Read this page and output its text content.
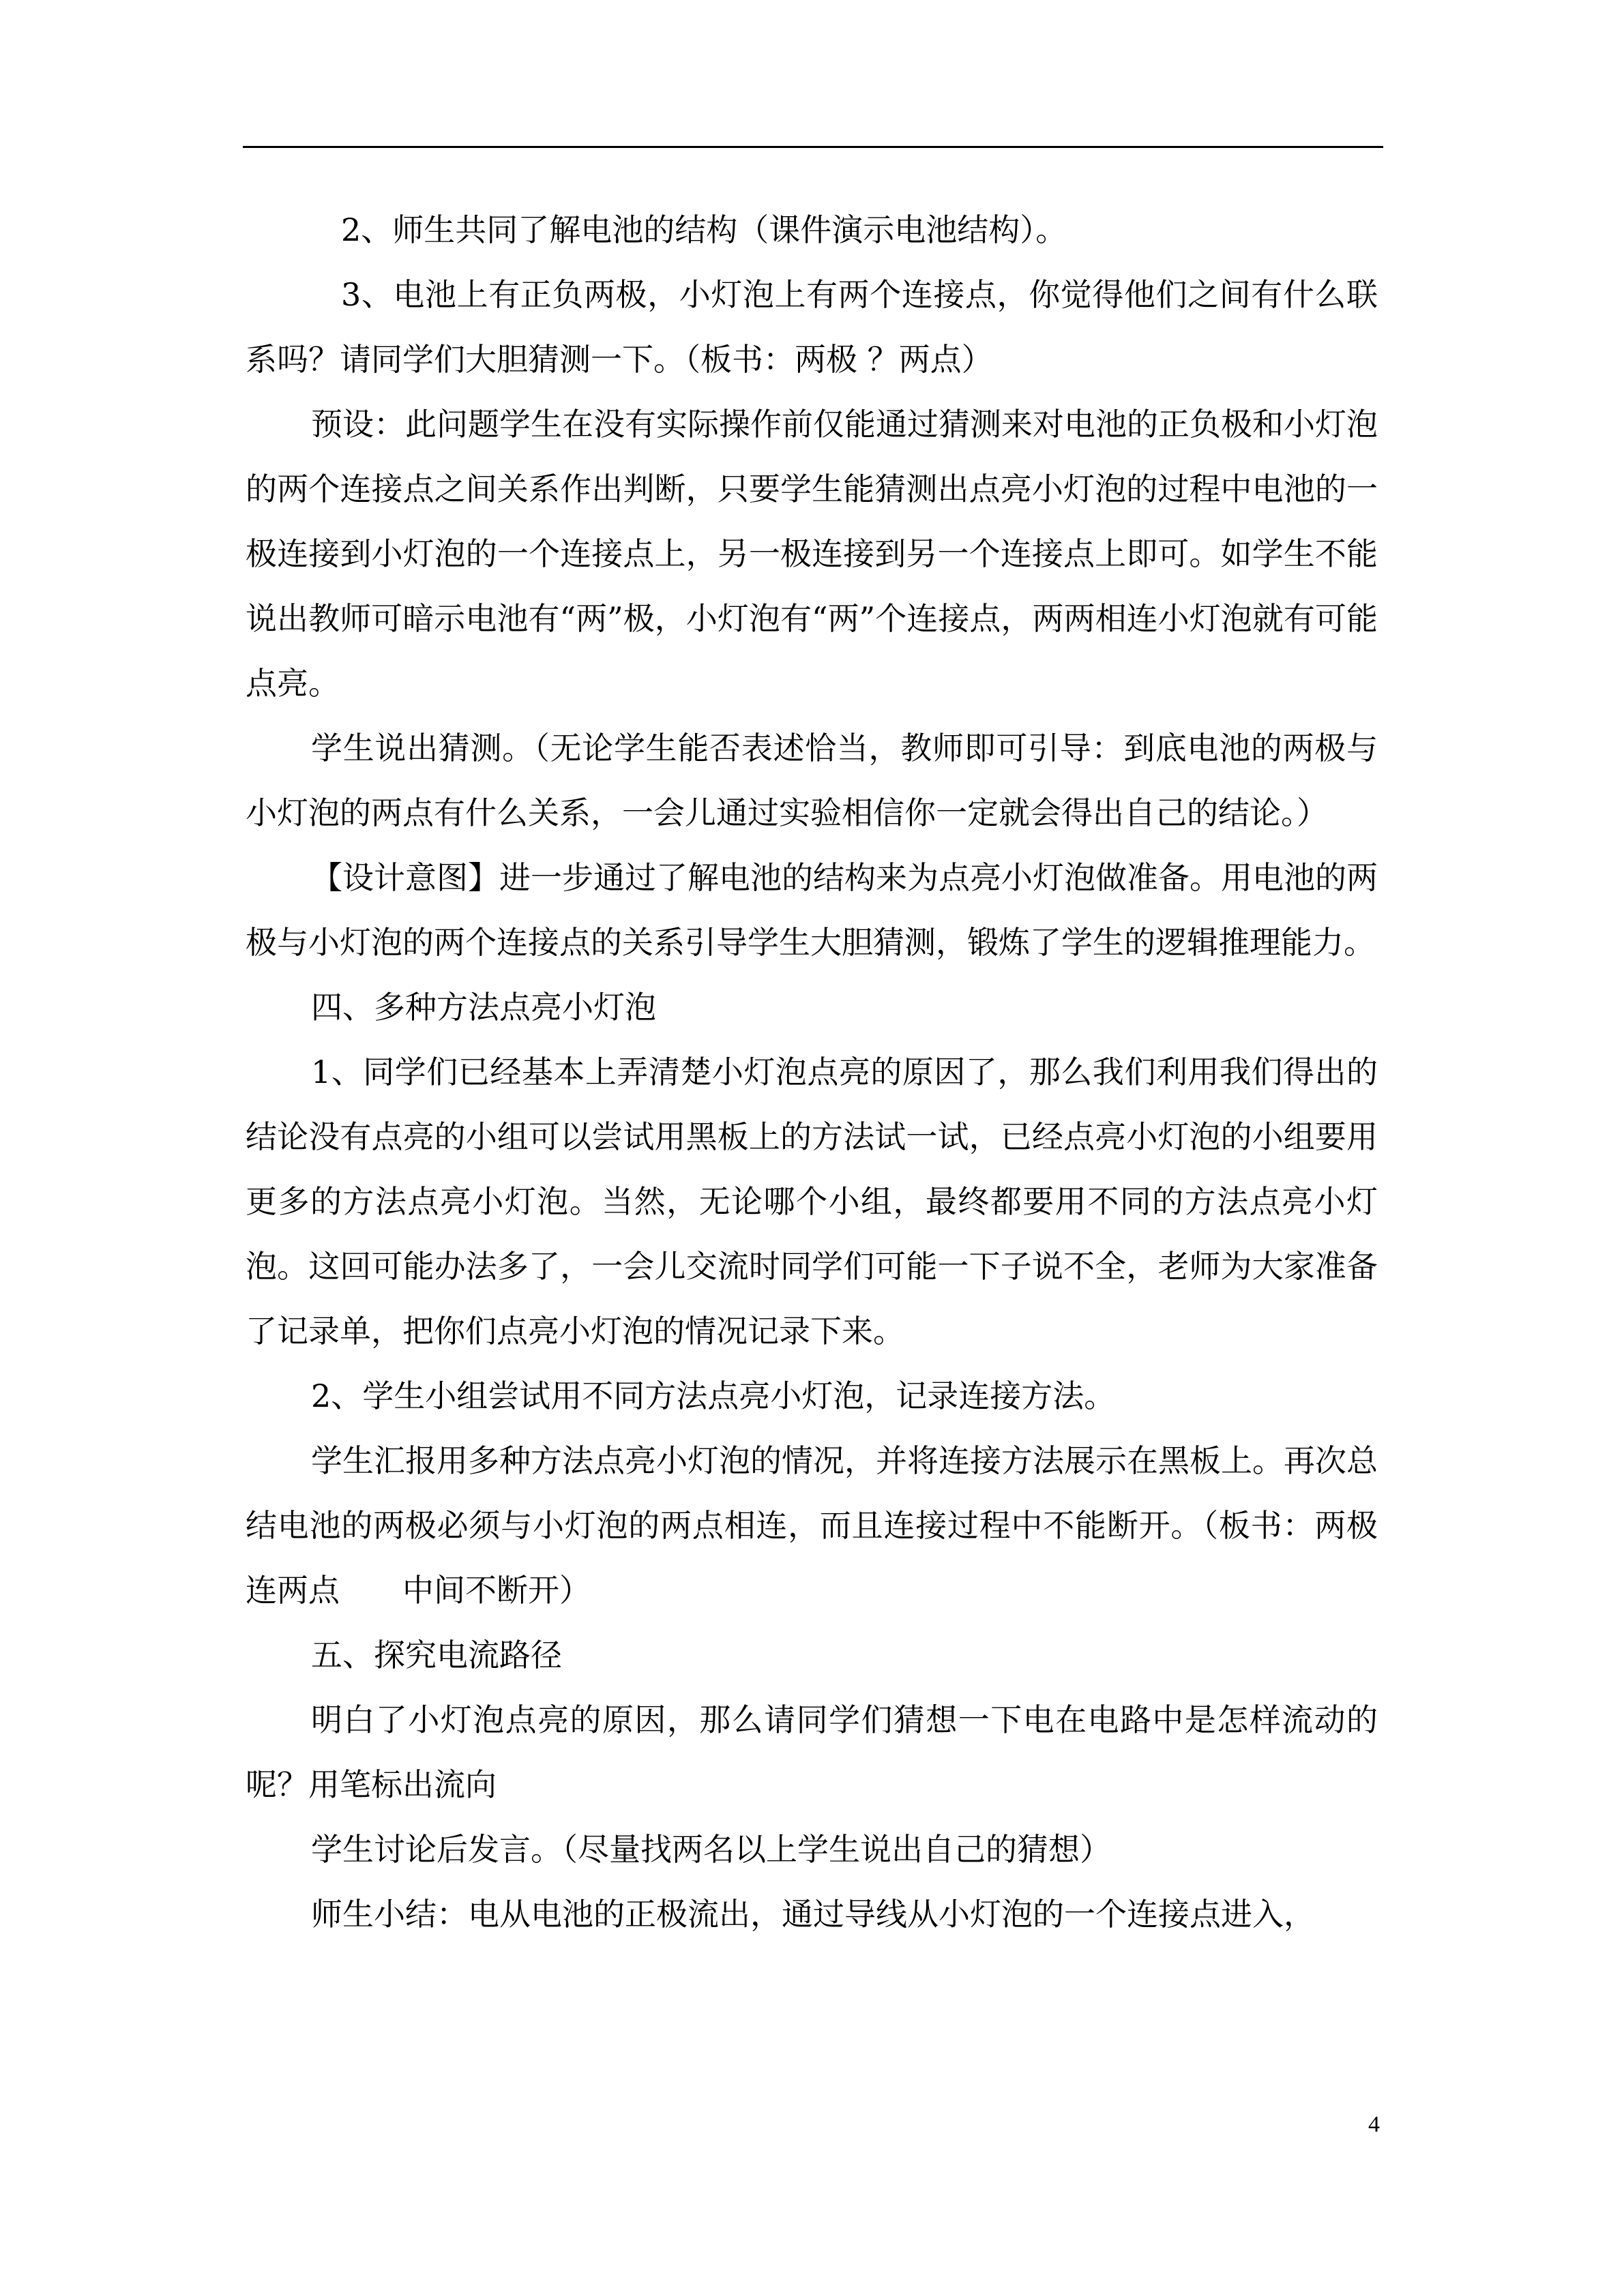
2、师生共同了解电池的结构（课件演示电池结构）。

3、电池上有正负两极，小灯泡上有两个连接点，你觉得他们之间有什么联系吗？请同学们大胆猜测一下。（板书：两极 ？两点）

预设：此问题学生在没有实际操作前仅能通过猜测来对电池的正负极和小灯泡的两个连接点之间关系作出判断，只要学生能猜测出点亮小灯泡的过程中电池的一极连接到小灯泡的一个连接点上，另一极连接到另一个连接点上即可。如学生不能说出教师可暗示电池有“两”极，小灯泡有“两”个连接点，两两相连小灯泡就有可能点亮。

学生说出猜测。（无论学生能否表述恰当，教师即可引导：到底电池的两极与小灯泡的两点有什么关系，一会儿通过实验相信你一定就会得出自己的结论。）

【设计意图】进一步通过了解电池的结构来为点亮小灯泡做准备。用电池的两极与小灯泡的两个连接点的关系引导学生大胆猜测，锻炼了学生的逻辑推理能力。

四、多种方法点亮小灯泡

1、同学们已经基本上弄清楚小灯泡点亮的原因了，那么我们利用我们得出的结论没有点亮的小组可以尝试用黑板上的方法试一试，已经点亮小灯泡的小组要用更多的方法点亮小灯泡。当然，无论哪个小组，最终都要用不同的方法点亮小灯泡。这回可能办法多了，一会儿交流时同学们可能一下子说不全，老师为大家准备了记录单，把你们点亮小灯泡的情况记录下来。

2、学生小组尝试用不同方法点亮小灯泡，记录连接方法。

学生汇报用多种方法点亮小灯泡的情况，并将连接方法展示在黑板上。再次总结电池的两极必须与小灯泡的两点相连，而且连接过程中不能断开。（板书：两极连两点　　中间不断开）

五、探究电流路径

明白了小灯泡点亮的原因，那么请同学们猜想一下电在电路中是怎样流动的呢？用笔标出流向

学生讨论后发言。（尽量找两名以上学生说出自己的猜想）

师生小结：电从电池的正极流出，通过导线从小灯泡的一个连接点进入，

4
